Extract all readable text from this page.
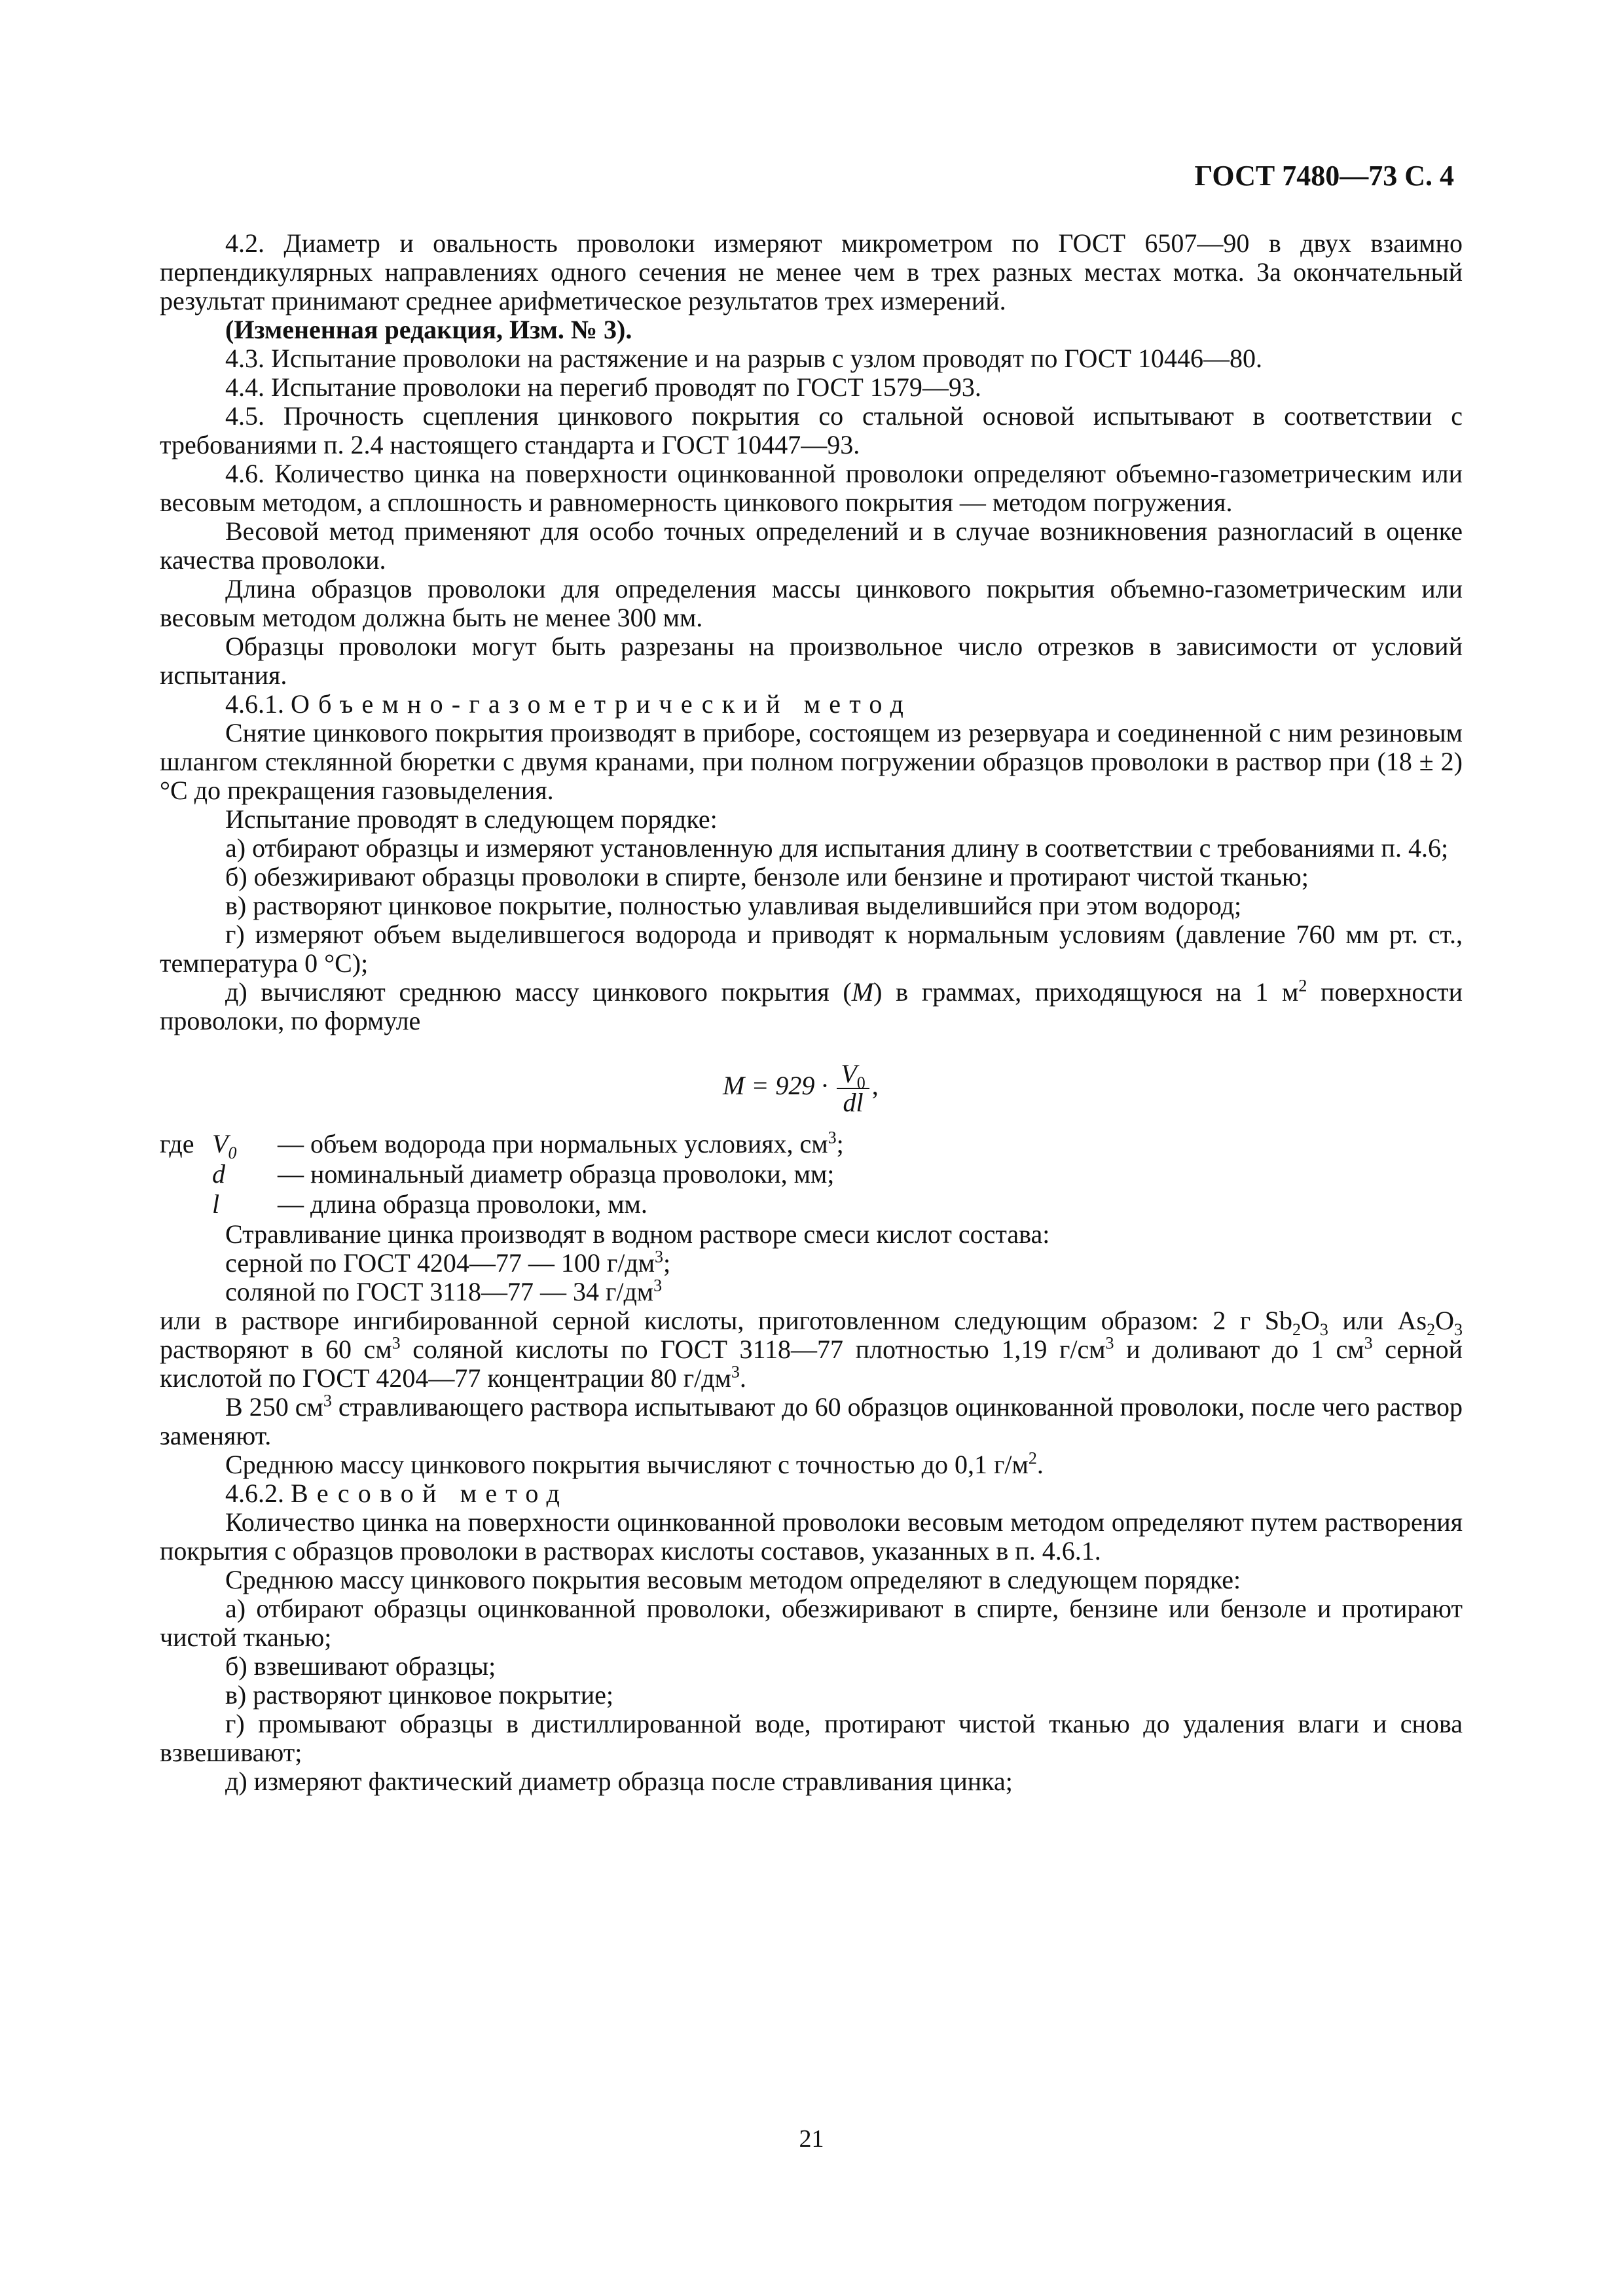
ГОСТ 7480—73 С. 4

4.2. Диаметр и овальность проволоки измеряют микрометром по ГОСТ 6507—90 в двух взаимно перпендикулярных направлениях одного сечения не менее чем в трех разных местах мотка. За окончательный результат принимают среднее арифметическое результатов трех измерений.

(Измененная редакция, Изм. № 3).

4.3. Испытание проволоки на растяжение и на разрыв с узлом проводят по ГОСТ 10446—80.

4.4. Испытание проволоки на перегиб проводят по ГОСТ 1579—93.

4.5. Прочность сцепления цинкового покрытия со стальной основой испытывают в соответствии с требованиями п. 2.4 настоящего стандарта и ГОСТ 10447—93.

4.6. Количество цинка на поверхности оцинкованной проволоки определяют объемно-газометрическим или весовым методом, а сплошность и равномерность цинкового покрытия — методом погружения.

Весовой метод применяют для особо точных определений и в случае возникновения разногласий в оценке качества проволоки.

Длина образцов проволоки для определения массы цинкового покрытия объемно-газометрическим или весовым методом должна быть не менее 300 мм.

Образцы проволоки могут быть разрезаны на произвольное число отрезков в зависимости от условий испытания.

4.6.1. Объемно-газометрический метод

Снятие цинкового покрытия производят в приборе, состоящем из резервуара и соединенной с ним резиновым шлангом стеклянной бюретки с двумя кранами, при полном погружении образцов проволоки в раствор при (18 ± 2) °C до прекращения газовыделения.

Испытание проводят в следующем порядке:

а) отбирают образцы и измеряют установленную для испытания длину в соответствии с требованиями п. 4.6;

б) обезжиривают образцы проволоки в спирте, бензоле или бензине и протирают чистой тканью;

в) растворяют цинковое покрытие, полностью улавливая выделившийся при этом водород;

г) измеряют объем выделившегося водорода и приводят к нормальным условиям (давление 760 мм рт. ст., температура 0 °C);

д) вычисляют среднюю массу цинкового покрытия (M) в граммах, приходящуюся на 1 $м^2$ поверхности проволоки, по формуле

$M = 929 \cdot \frac{V_0}{dl}$ ,
где $V_0$ — объем водорода при нормальных условиях, $см^3$;
d — номинальный диаметр образца проволоки, мм;
l — длина образца проволоки, мм.

Стравливание цинка производят в водном растворе смеси кислот состава:

серной по ГОСТ 4204—77 — 100 $г/дм^3$;

соляной по ГОСТ 3118—77 — 34 $г/дм^3$

или в растворе ингибированной серной кислоты, приготовленном следующим образом: 2 г $Sb_2O_3$ или $As_2O_3$ растворяют в 60 $см^3$ соляной кислоты по ГОСТ 3118—77 плотностью 1,19 $г/см^3$ и доливают до 1 $см^3$ серной кислотой по ГОСТ 4204—77 концентрации 80 $г/дм^3$.

В 250 $см^3$ стравливающего раствора испытывают до 60 образцов оцинкованной проволоки, после чего раствор заменяют.

Среднюю массу цинкового покрытия вычисляют с точностью до 0,1 $г/м^2$.

4.6.2. Весовой метод

Количество цинка на поверхности оцинкованной проволоки весовым методом определяют путем растворения покрытия с образцов проволоки в растворах кислоты составов, указанных в п. 4.6.1.

Среднюю массу цинкового покрытия весовым методом определяют в следующем порядке:

а) отбирают образцы оцинкованной проволоки, обезжиривают в спирте, бензине или бензоле и протирают чистой тканью;

б) взвешивают образцы;

в) растворяют цинковое покрытие;

г) промывают образцы в дистиллированной воде, протирают чистой тканью до удаления влаги и снова взвешивают;

д) измеряют фактический диаметр образца после стравливания цинка;

21
